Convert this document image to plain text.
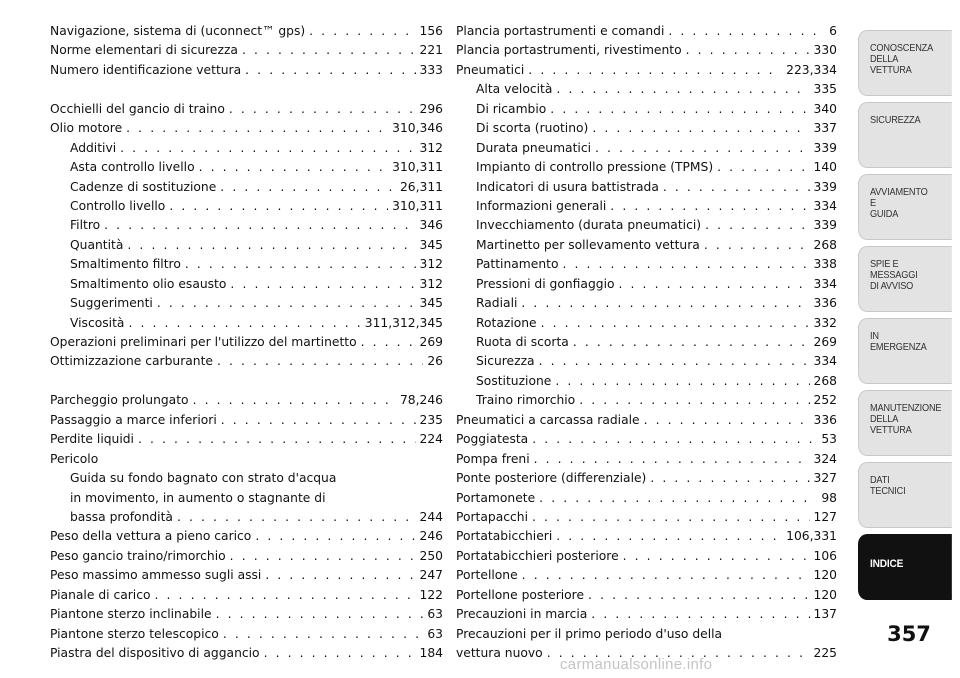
Navigazione, sistema di (uconnect™ gps) . . .	156
Norme elementari di sicurezza . . .	221
Numero identificazione vettura . . .	333
Occhielli del gancio di traino . . .	296
Olio motore . . .	310,346
Additivi . . .	312
Asta controllo livello . . .	310,311
Cadenze di sostituzione . . .	26,311
Controllo livello . . .	310,311
Filtro . . .	346
Quantità . . .	345
Smaltimento filtro . . .	312
Smaltimento olio esausto . . .	312
Suggerimenti . . .	345
Viscosità . . .	311,312,345
Operazioni preliminari per l'utilizzo del martinetto . . .	269
Ottimizzazione carburante . . .	26
Parcheggio prolungato . . .	78,246
Passaggio a marce inferiori . . .	235
Perdite liquidi . . .	224
Pericolo
Guida su fondo bagnato con strato d'acqua
in movimento, in aumento o stagnante di
bassa profondità . . .	244
Peso della vettura a pieno carico . . .	246
Peso gancio traino/rimorchio . . .	250
Peso massimo ammesso sugli assi . . .	247
Pianale di carico . . .	122
Piantone sterzo inclinabile . . .	63
Piantone sterzo telescopico . . .	63
Piastra del dispositivo di aggancio . . .	184
Plancia portastrumenti e comandi . . .	6
Plancia portastrumenti, rivestimento . . .	330
Pneumatici . . .	223,334
Alta velocità . . .	335
Di ricambio . . .	340
Di scorta (ruotino) . . .	337
Durata pneumatici . . .	339
Impianto di controllo pressione (TPMS) . . .	140
Indicatori di usura battistrada . . .	339
Informazioni generali . . .	334
Invecchiamento (durata pneumatici) . . .	339
Martinetto per sollevamento vettura . . .	268
Pattinamento . . .	338
Pressioni di gonfiaggio . . .	334
Radiali . . .	336
Rotazione . . .	332
Ruota di scorta . . .	269
Sicurezza . . .	334
Sostituzione . . .	268
Traino rimorchio . . .	252
Pneumatici a carcassa radiale . . .	336
Poggiatesta . . .	53
Pompa freni . . .	324
Ponte posteriore (differenziale) . . .	327
Portamonete . . .	98
Portapacchi . . .	127
Portatabicchieri . . .	106,331
Portatabicchieri posteriore . . .	106
Portellone . . .	120
Portellone posteriore . . .	120
Precauzioni in marcia . . .	137
Precauzioni per il primo periodo d'uso della
vettura nuovo . . .	225
CONOSCENZA
DELLA
VETTURA
SICUREZZA
AVVIAMENTO
E
GUIDA
SPIE E
MESSAGGI
DI AVVISO
IN
EMERGENZA
MANUTENZIONE
DELLA
VETTURA
DATI
TECNICI
INDICE
357
carmanualsonline.info
